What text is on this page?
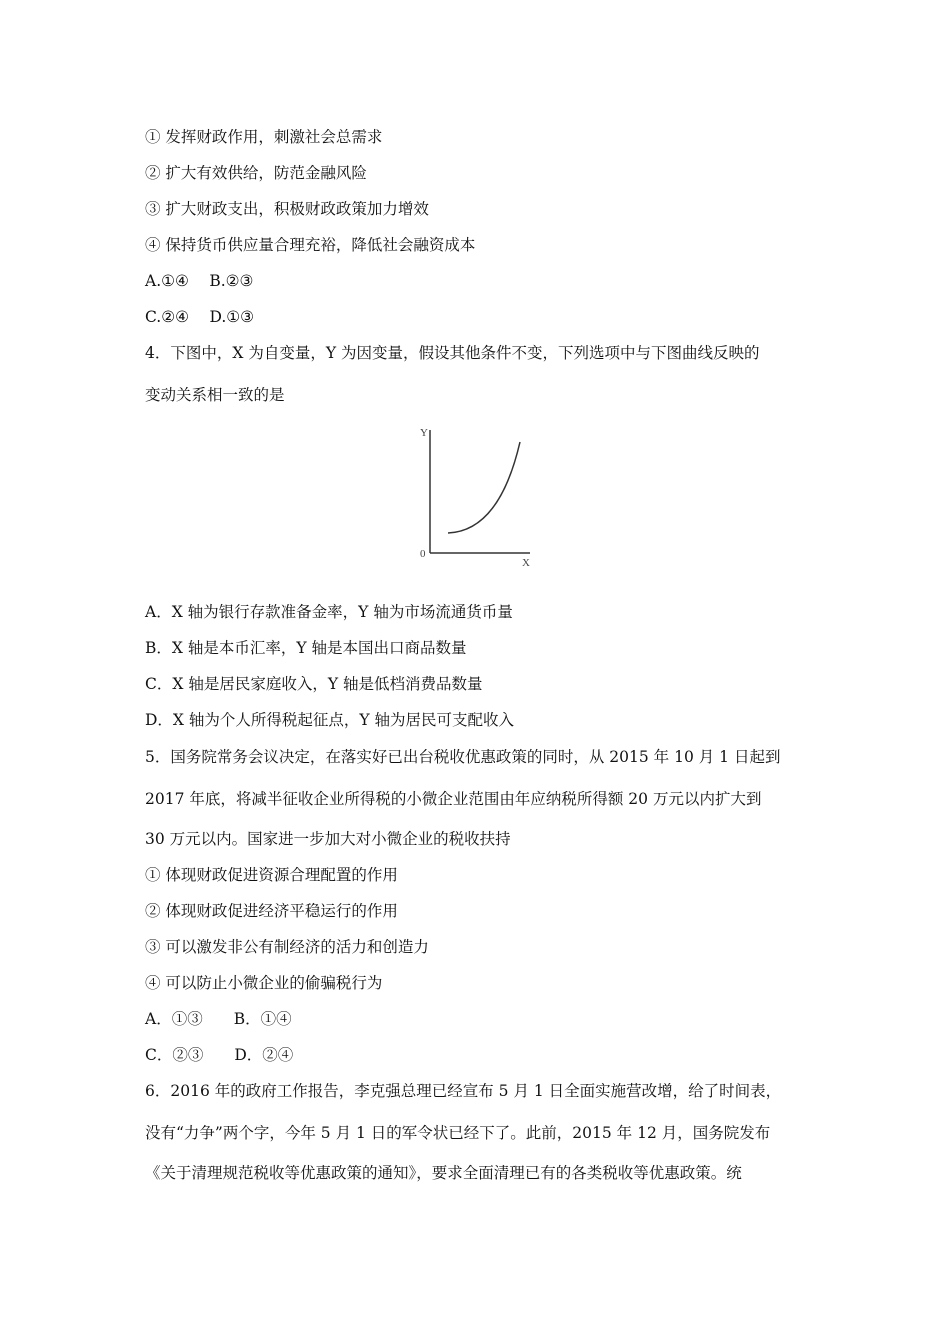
① 发挥财政作用，刺激社会总需求
② 扩大有效供给，防范金融风险
③ 扩大财政支出，积极财政政策加力增效
④ 保持货币供应量合理充裕，降低社会融资成本
A.①④　 B.②③
C.②④　 D.①③
4．下图中，X 为自变量，Y 为因变量，假设其他条件不变，下列选项中与下图曲线反映的
变动关系相一致的是
Y
X
0
A．X 轴为银行存款准备金率，Y 轴为市场流通货币量
B．X 轴是本币汇率，Y 轴是本国出口商品数量
C．X 轴是居民家庭收入，Y 轴是低档消费品数量
D．X 轴为个人所得税起征点，Y 轴为居民可支配收入
5．国务院常务会议决定，在落实好已出台税收优惠政策的同时，从 2015 年 10 月 1 日起到
2017 年底，将减半征收企业所得税的小微企业范围由年应纳税所得额 20 万元以内扩大到
30 万元以内。国家进一步加大对小微企业的税收扶持
① 体现财政促进资源合理配置的作用
② 体现财政促进经济平稳运行的作用
③ 可以激发非公有制经济的活力和创造力
④ 可以防止小微企业的偷骗税行为
A．①③　　B．①④
C．②③　　D．②④
6．2016 年的政府工作报告，李克强总理已经宣布 5 月 1 日全面实施营改增，给了时间表，
没有“力争”两个字，今年 5 月 1 日的军令状已经下了。此前，2015 年 12 月，国务院发布
《关于清理规范税收等优惠政策的通知》，要求全面清理已有的各类税收等优惠政策。统
